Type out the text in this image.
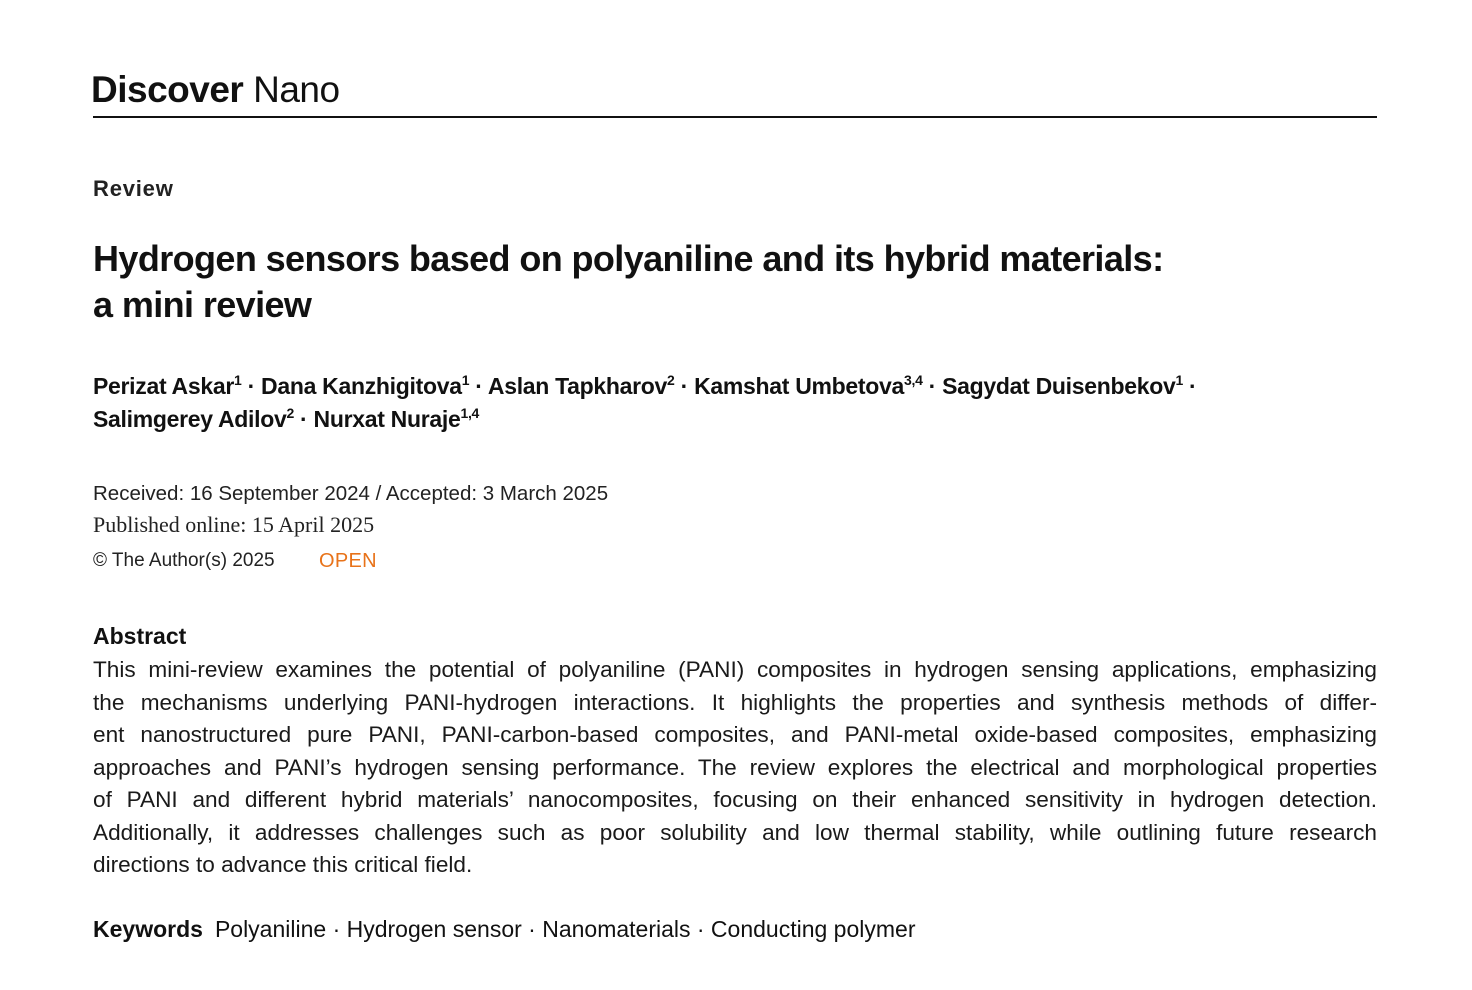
Discover Nano
Review
Hydrogen sensors based on polyaniline and its hybrid materials:
a mini review
Perizat Askar$^1$ · Dana Kanzhigitova$^1$ · Aslan Tapkharov$^2$ · Kamshat Umbetova$^{3,4}$ · Sagydat Duisenbekov$^1$ ·
Salimgerey Adilov$^2$ · Nurxat Nuraje$^{1,4}$
Received: 16 September 2024 / Accepted: 3 March 2025
Published online: 15 April 2025
© The Author(s) 2025 OPEN
Abstract
This mini-review examines the potential of polyaniline (PANI) composites in hydrogen sensing applications, emphasizing
the mechanisms underlying PANI-hydrogen interactions. It highlights the properties and synthesis methods of differ-
ent nanostructured pure PANI, PANI-carbon-based composites, and PANI-metal oxide-based composites, emphasizing
approaches and PANI’s hydrogen sensing performance. The review explores the electrical and morphological properties
of PANI and different hybrid materials’ nanocomposites, focusing on their enhanced sensitivity in hydrogen detection.
Additionally, it addresses challenges such as poor solubility and low thermal stability, while outlining future research
directions to advance this critical field.
Keywords Polyaniline · Hydrogen sensor · Nanomaterials · Conducting polymer
